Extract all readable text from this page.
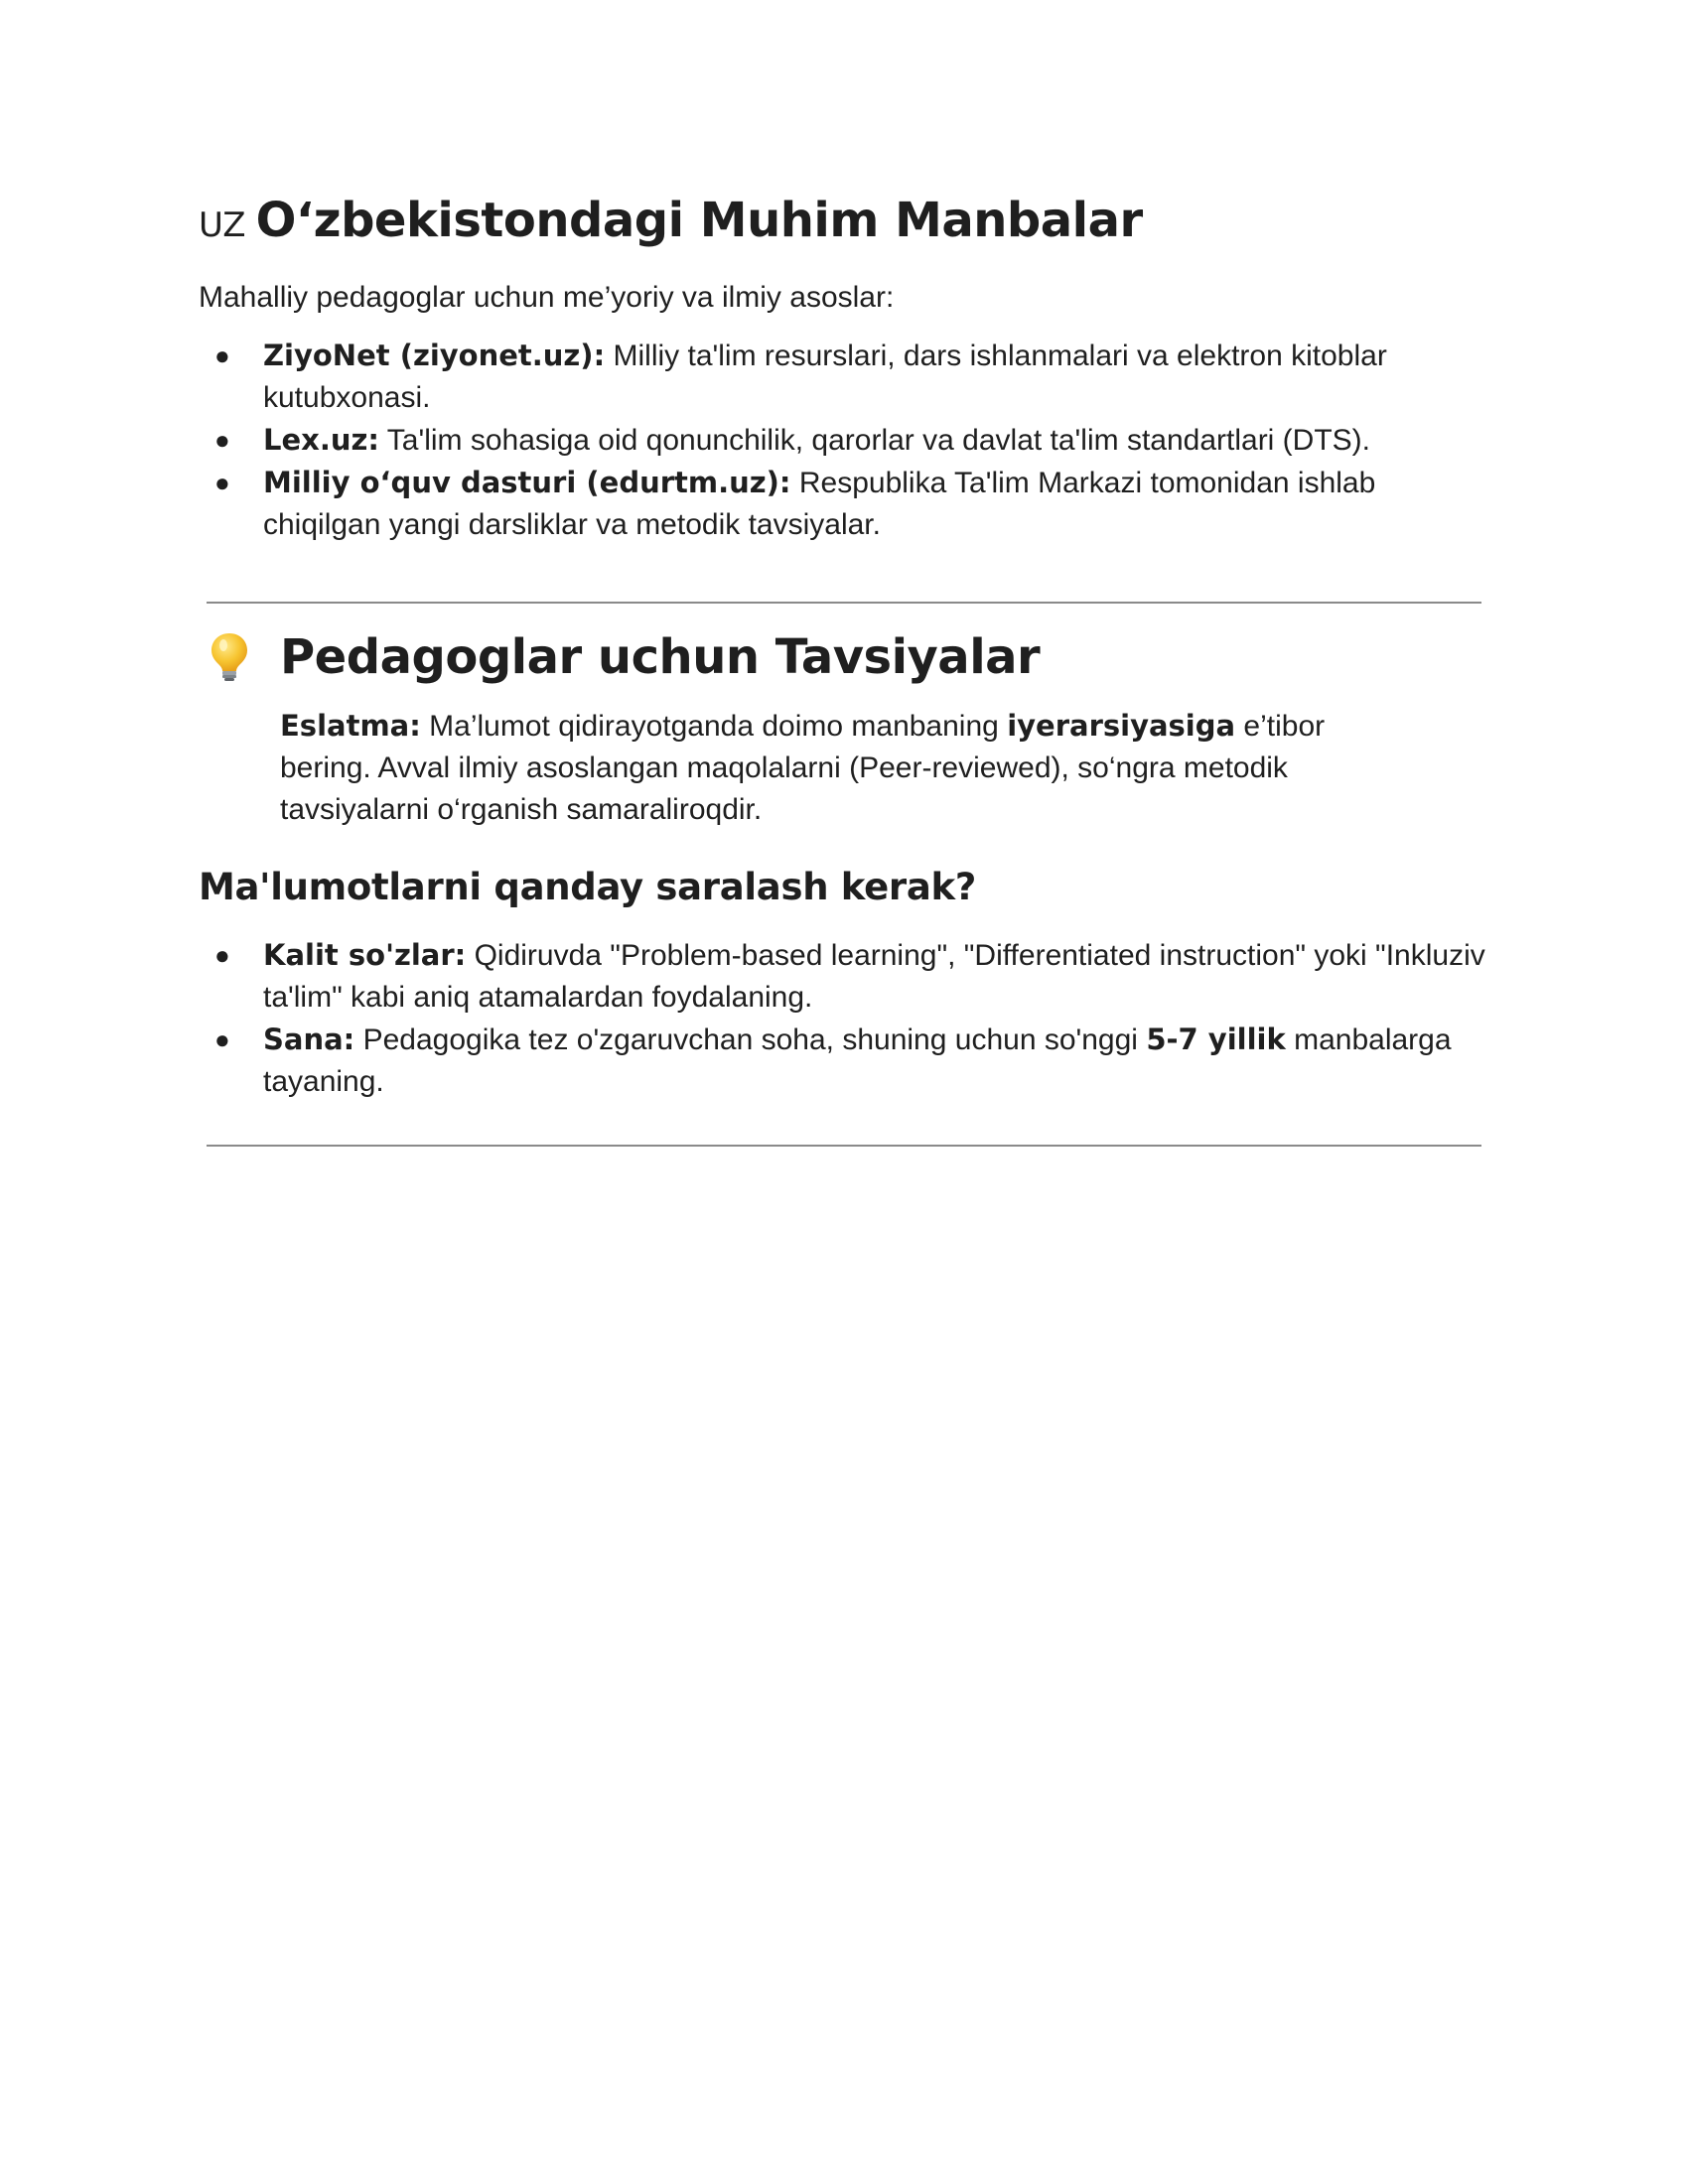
UZ O‘zbekistondagi Muhim Manbalar

Mahalliy pedagoglar uchun me’yoriy va ilmiy asoslar:

● ZiyoNet (ziyonet.uz): Milliy ta'lim resurslari, dars ishlanmalari va elektron kitoblar kutubxonasi.
● Lex.uz: Ta'lim sohasiga oid qonunchilik, qarorlar va davlat ta'lim standartlari (DTS).
● Milliy o‘quv dasturi (edurtm.uz): Respublika Ta'lim Markazi tomonidan ishlab chiqilgan yangi darsliklar va metodik tavsiyalar.
Pedagoglar uchun Tavsiyalar

Eslatma: Ma’lumot qidirayotganda doimo manbaning iyerarsiyasiga e’tibor bering. Avval ilmiy asoslangan maqolalarni (Peer-reviewed), so‘ngra metodik tavsiyalarni o‘rganish samaraliroqdir.

Ma'lumotlarni qanday saralash kerak?
● Kalit so'zlar: Qidiruvda "Problem-based learning", "Differentiated instruction" yoki "Inkluziv ta'lim" kabi aniq atamalardan foydalaning.
● Sana: Pedagogika tez o'zgaruvchan soha, shuning uchun so'nggi 5-7 yillik manbalarga tayaning.
